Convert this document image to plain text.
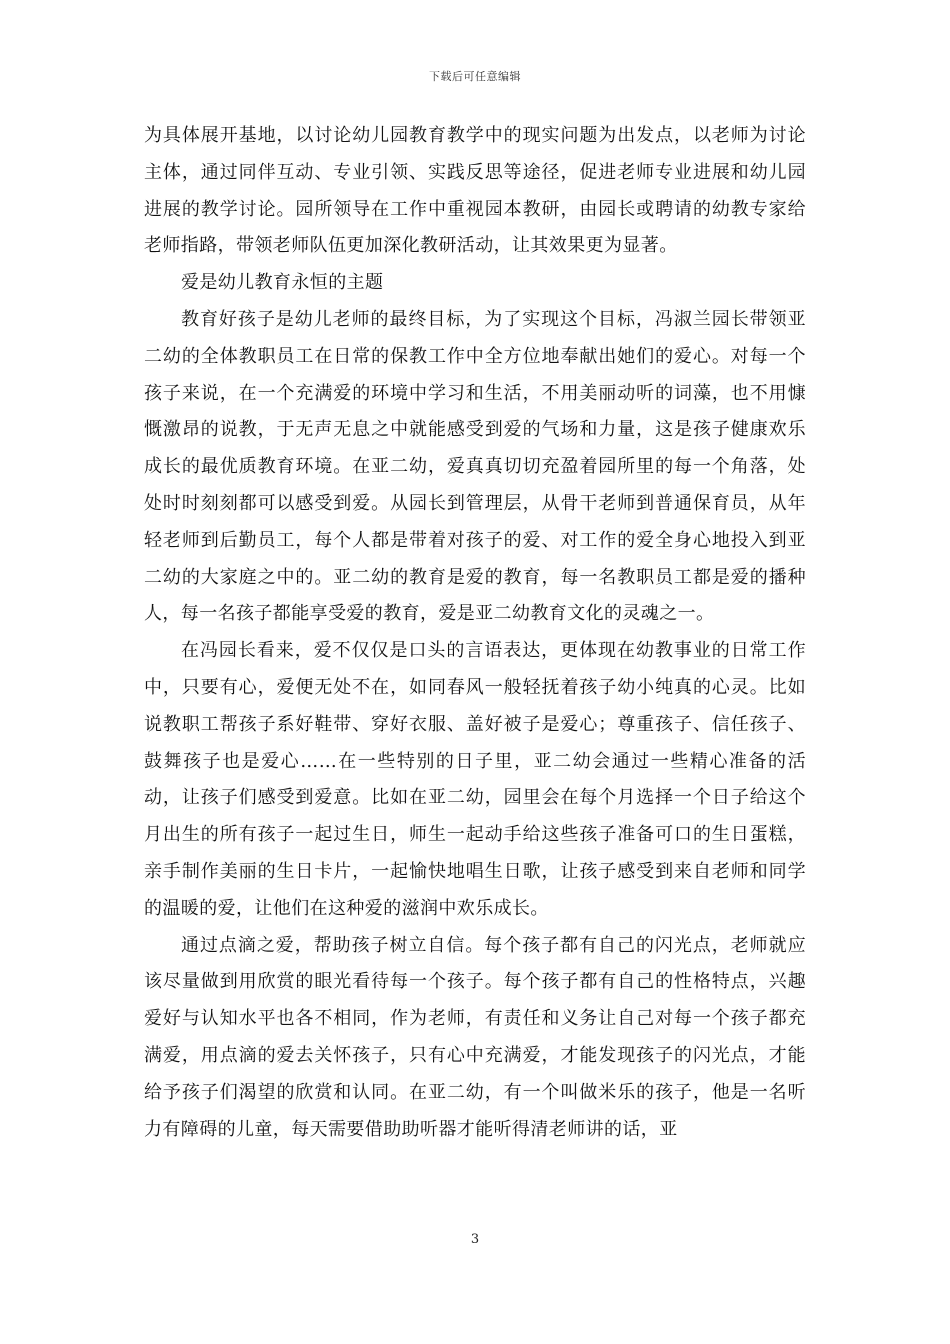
下载后可任意编辑

为具体展开基地，以讨论幼儿园教育教学中的现实问题为出发点，以老师为讨论主体，通过同伴互动、专业引领、实践反思等途径，促进老师专业进展和幼儿园进展的教学讨论。园所领导在工作中重视园本教研，由园长或聘请的幼教专家给老师指路，带领老师队伍更加深化教研活动，让其效果更为显著。

爱是幼儿教育永恒的主题

教育好孩子是幼儿老师的最终目标，为了实现这个目标，冯淑兰园长带领亚二幼的全体教职员工在日常的保教工作中全方位地奉献出她们的爱心。对每一个孩子来说，在一个充满爱的环境中学习和生活，不用美丽动听的词藻，也不用慷慨激昂的说教，于无声无息之中就能感受到爱的气场和力量，这是孩子健康欢乐成长的最优质教育环境。在亚二幼，爱真真切切充盈着园所里的每一个角落，处处时时刻刻都可以感受到爱。从园长到管理层，从骨干老师到普通保育员，从年轻老师到后勤员工，每个人都是带着对孩子的爱、对工作的爱全身心地投入到亚二幼的大家庭之中的。亚二幼的教育是爱的教育，每一名教职员工都是爱的播种人，每一名孩子都能享受爱的教育，爱是亚二幼教育文化的灵魂之一。

在冯园长看来，爱不仅仅是口头的言语表达，更体现在幼教事业的日常工作中，只要有心，爱便无处不在，如同春风一般轻抚着孩子幼小纯真的心灵。比如说教职工帮孩子系好鞋带、穿好衣服、盖好被子是爱心；尊重孩子、信任孩子、鼓舞孩子也是爱心……在一些特别的日子里，亚二幼会通过一些精心准备的活动，让孩子们感受到爱意。比如在亚二幼，园里会在每个月选择一个日子给这个月出生的所有孩子一起过生日，师生一起动手给这些孩子准备可口的生日蛋糕，亲手制作美丽的生日卡片，一起愉快地唱生日歌，让孩子感受到来自老师和同学的温暖的爱，让他们在这种爱的滋润中欢乐成长。

通过点滴之爱，帮助孩子树立自信。每个孩子都有自己的闪光点，老师就应该尽量做到用欣赏的眼光看待每一个孩子。每个孩子都有自己的性格特点，兴趣爱好与认知水平也各不相同，作为老师，有责任和义务让自己对每一个孩子都充满爱，用点滴的爱去关怀孩子，只有心中充满爱，才能发现孩子的闪光点，才能给予孩子们渴望的欣赏和认同。在亚二幼，有一个叫做米乐的孩子，他是一名听力有障碍的儿童，每天需要借助助听器才能听得清老师讲的话，亚

3
